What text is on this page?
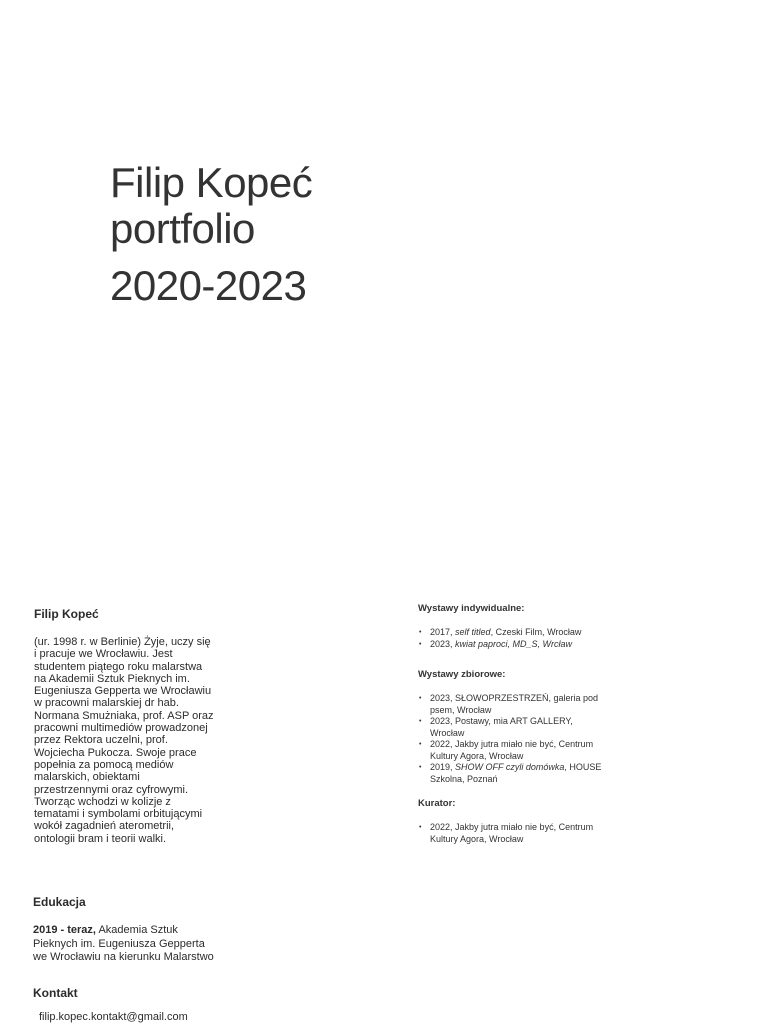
Filip Kopeć
portfolio
2020-2023

Filip Kopeć

(ur. 1998 r. w Berlinie) Żyje, uczy się i pracuje we Wrocławiu. Jest studentem piątego roku malarstwa na Akademii Sztuk Pieknych im. Eugeniusza Gepperta we Wrocławiu w pracowni malarskiej dr hab. Normana Smużniaka, prof. ASP oraz pracowni multimediów prowadzonej przez Rektora uczelni, prof. Wojciecha Pukocza. Swoje prace popełnia za pomocą mediów malarskich, obiektami przestrzennymi oraz cyfrowymi. Tworząc wchodzi w kolizje z tematami i symbolami orbitującymi wokół zagadnień aterometrii, ontologii bram i teorii walki.

Edukacja
2019 - teraz, Akademia Sztuk Pieknych im. Eugeniusza Gepperta we Wrocławiu na kierunku Malarstwo
Kontakt
filip.kopec.kontakt@gmail.com

Wystawy indywidualne:

• 2017, self titled, Czeski Film, Wrocław
• 2023, kwiat paproci, MD_S, Wrcław

Wystawy zbiorowe:

• 2023, SŁOWOPRZESTRZEŃ, galeria pod psem, Wrocław
• 2023, Postawy, mia ART GALLERY, Wrocław
• 2022, Jakby jutra miało nie być, Centrum Kultury Agora, Wrocław
• 2019, SHOW OFF czyli domówka, HOUSE Szkolna, Poznań

Kurator:

• 2022, Jakby jutra miało nie być, Centrum Kultury Agora, Wrocław
